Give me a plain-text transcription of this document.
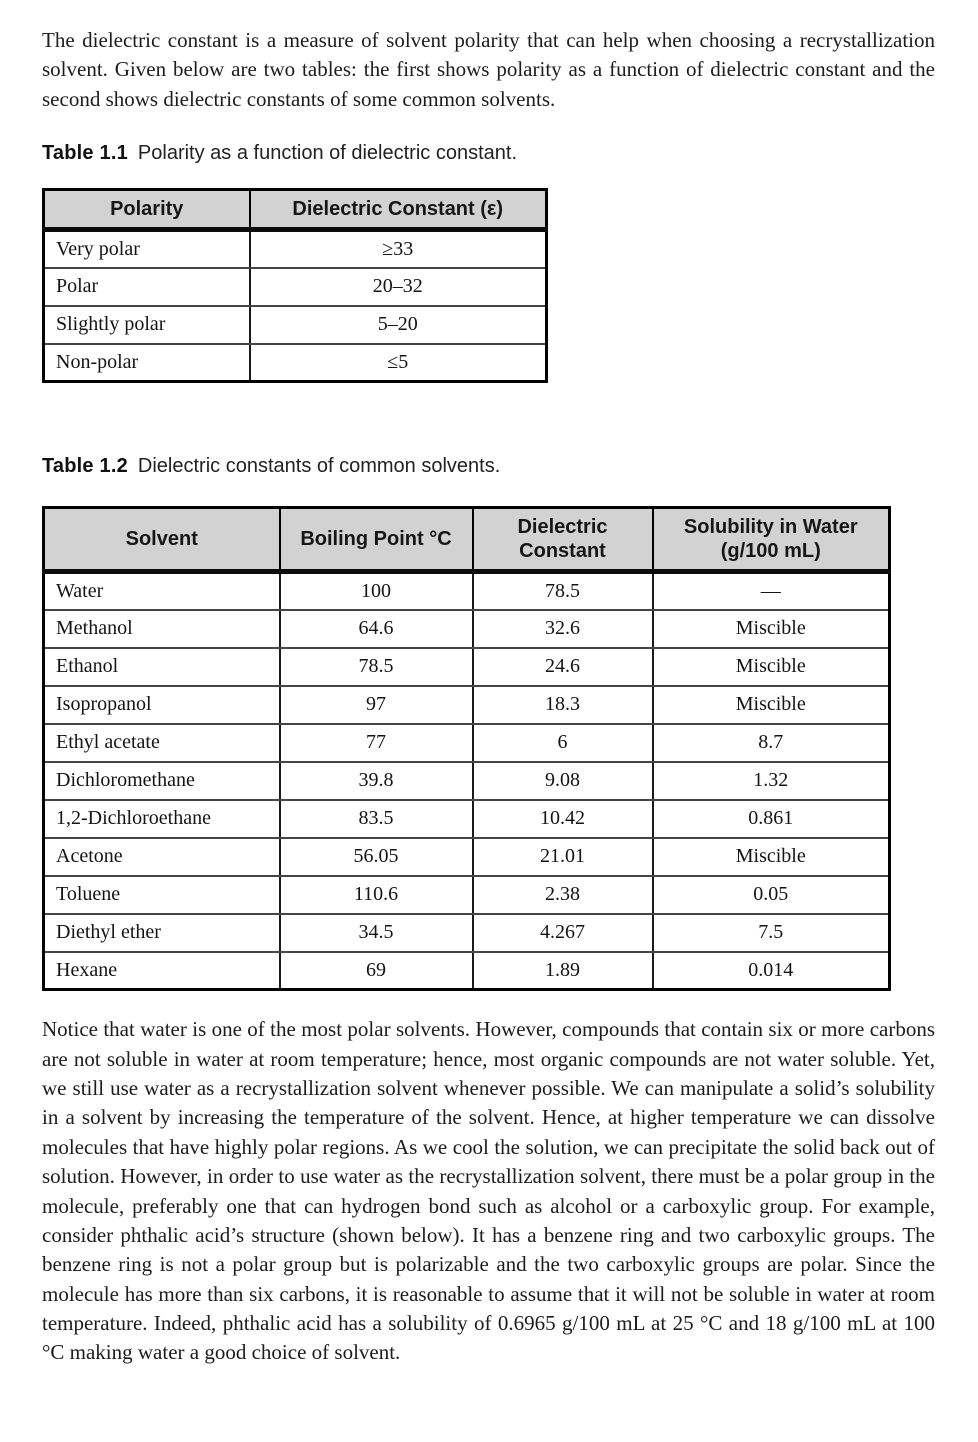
The dielectric constant is a measure of solvent polarity that can help when choosing a recrystallization solvent. Given below are two tables: the first shows polarity as a function of dielectric constant and the second shows dielectric constants of some common solvents.

Table 1.1 Polarity as a function of dielectric constant.

Polarity	Dielectric Constant (ε)
Very polar	≥33
Polar	20–32
Slightly polar	5–20
Non-polar	≤5

Table 1.2 Dielectric constants of common solvents.

Solvent	Boiling Point °C	Dielectric Constant	Solubility in Water (g/100 mL)
Water	100	78.5	—
Methanol	64.6	32.6	Miscible
Ethanol	78.5	24.6	Miscible
Isopropanol	97	18.3	Miscible
Ethyl acetate	77	6	8.7
Dichloromethane	39.8	9.08	1.32
1,2-Dichloroethane	83.5	10.42	0.861
Acetone	56.05	21.01	Miscible
Toluene	110.6	2.38	0.05
Diethyl ether	34.5	4.267	7.5
Hexane	69	1.89	0.014

Notice that water is one of the most polar solvents. However, compounds that contain six or more carbons are not soluble in water at room temperature; hence, most organic compounds are not water soluble. Yet, we still use water as a recrystallization solvent whenever possible. We can manipulate a solid’s solubility in a solvent by increasing the temperature of the solvent. Hence, at higher temperature we can dissolve molecules that have highly polar regions. As we cool the solution, we can precipitate the solid back out of solution. However, in order to use water as the recrystallization solvent, there must be a polar group in the molecule, preferably one that can hydrogen bond such as alcohol or a carboxylic group. For example, consider phthalic acid’s structure (shown below). It has a benzene ring and two carboxylic groups. The benzene ring is not a polar group but is polarizable and the two carboxylic groups are polar. Since the molecule has more than six carbons, it is reasonable to assume that it will not be soluble in water at room temperature. Indeed, phthalic acid has a solubility of 0.6965 g/100 mL at 25 °C and 18 g/100 mL at 100 °C making water a good choice of solvent.
